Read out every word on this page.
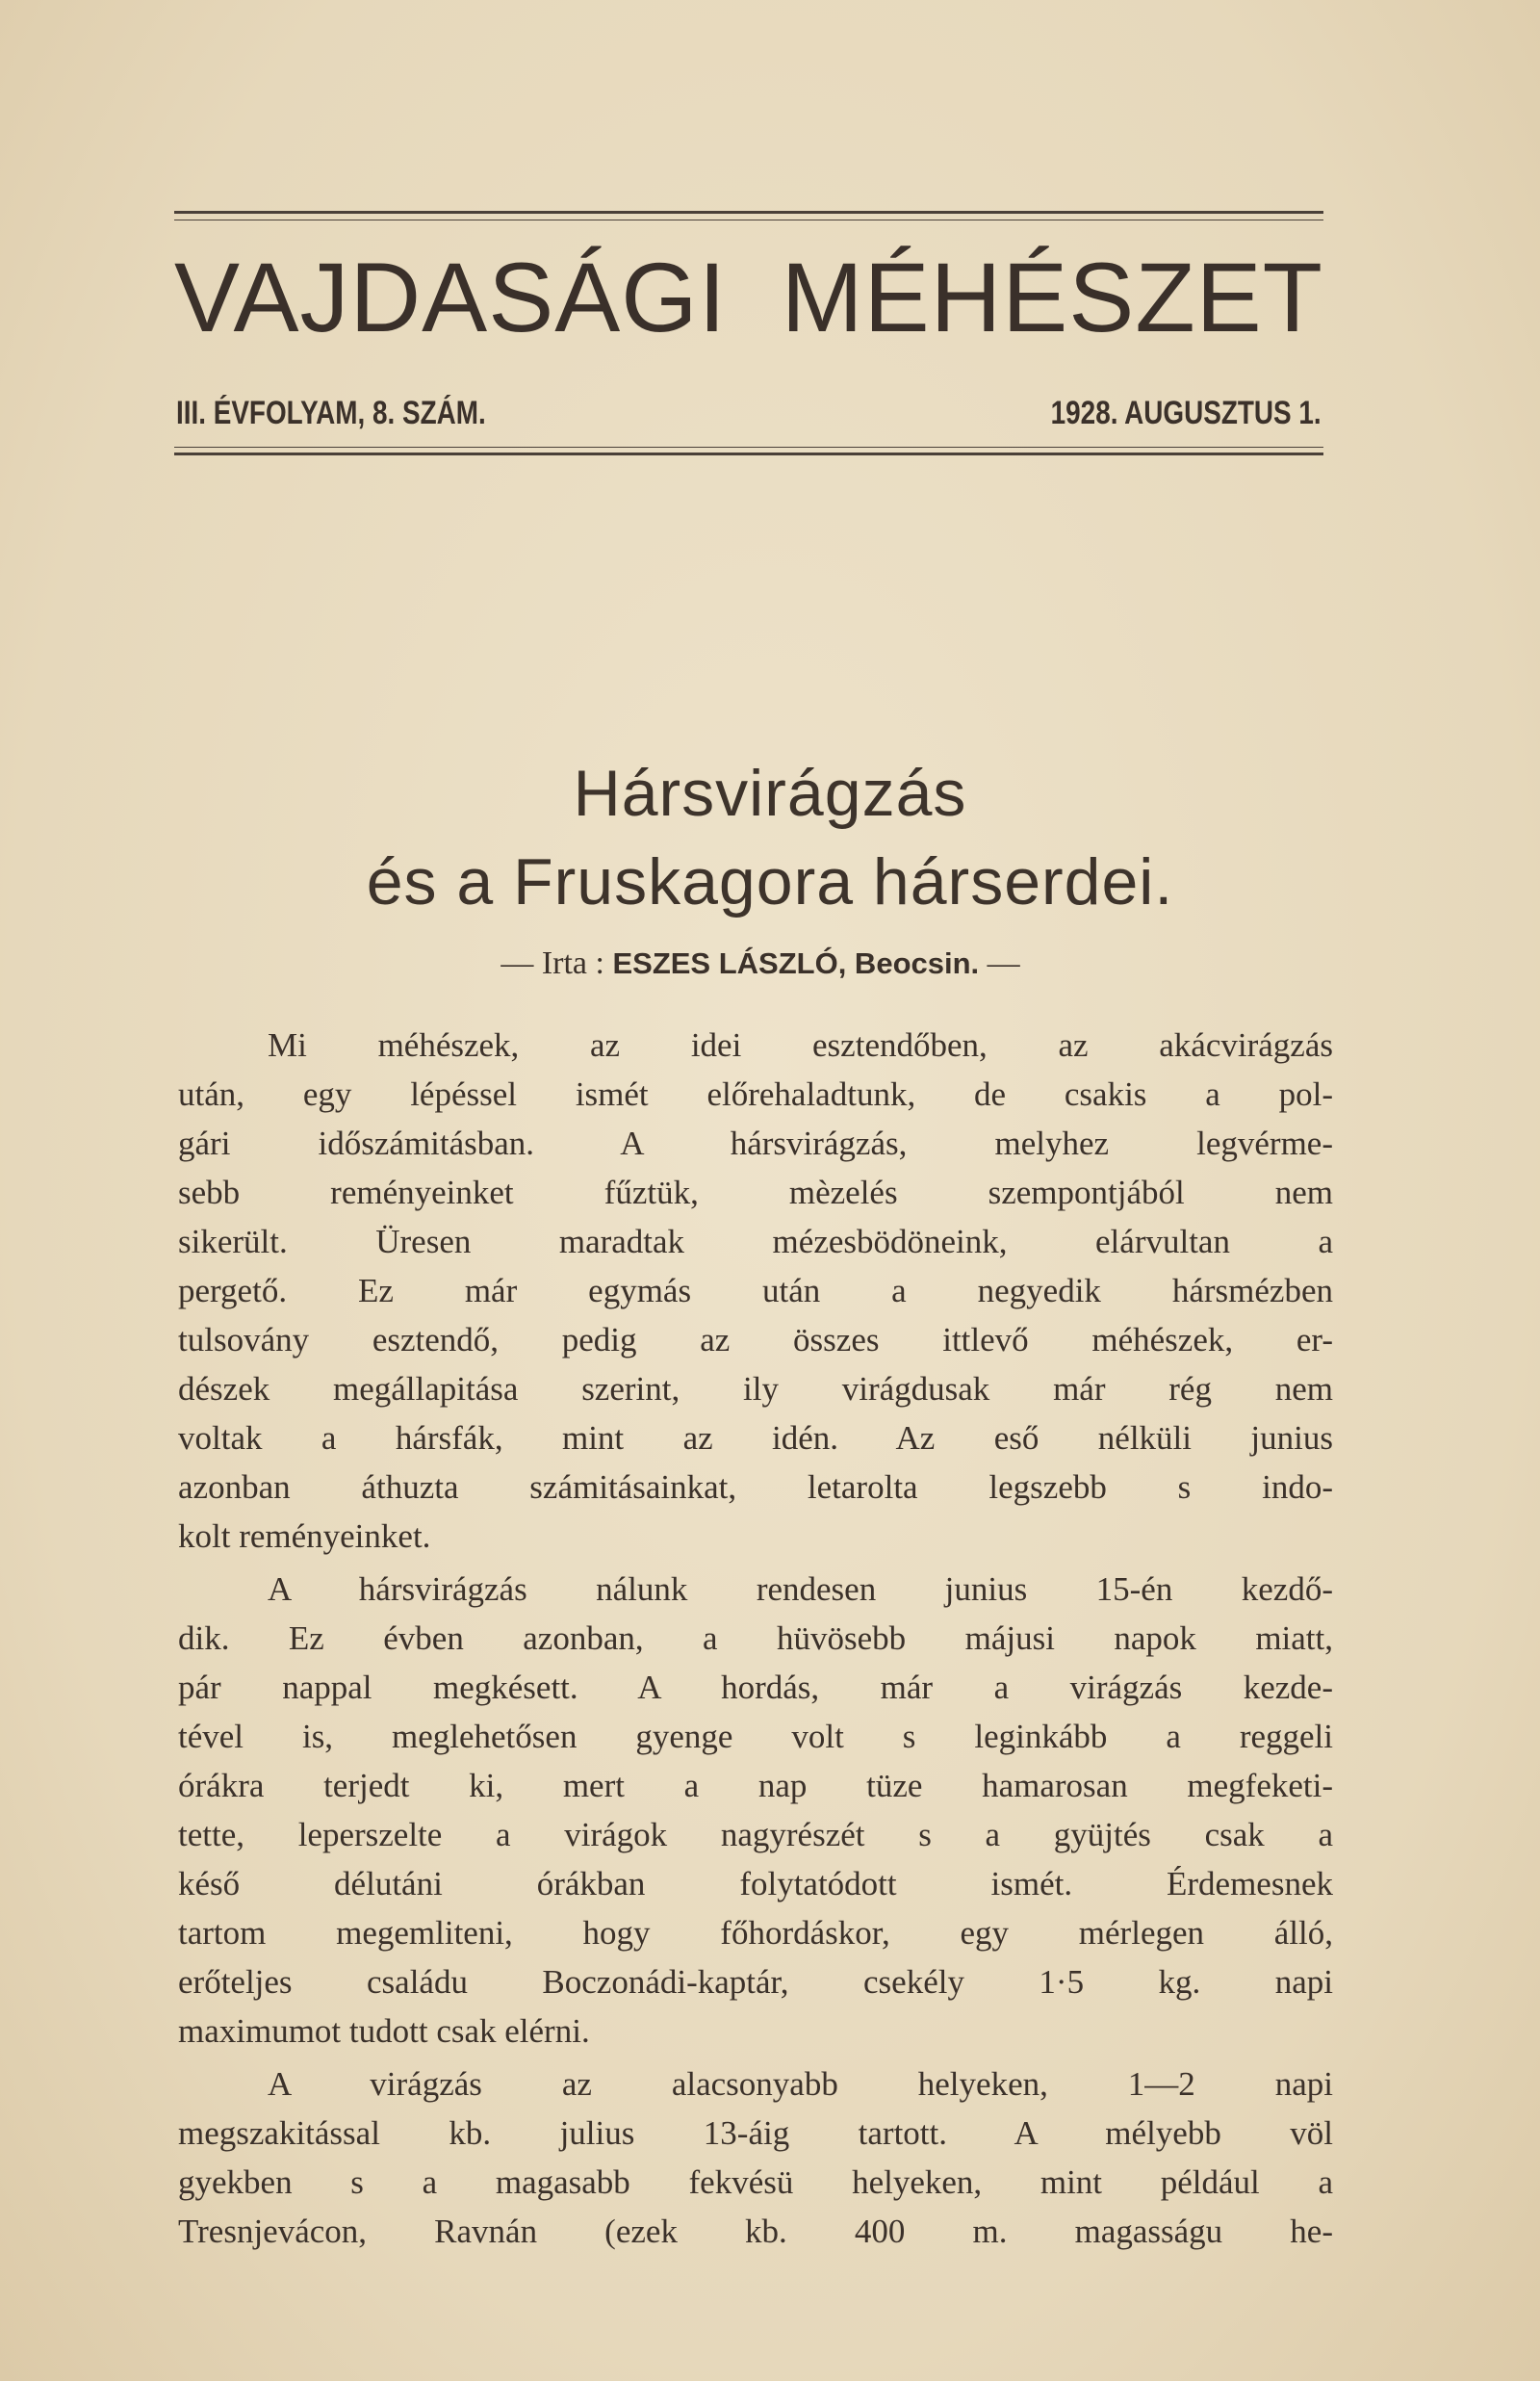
VAJDASÁGI MÉHÉSZET
III. ÉVFOLYAM, 8. SZÁM.	1928. AUGUSZTUS 1.
Hársvirágzás
és a Fruskagora hárserdei.
— Irta : ESZES LÁSZLÓ, Beocsin. —
Mi méhészek, az idei esztendőben, az akácvirágzás
után, egy lépéssel ismét előrehaladtunk, de csakis a pol-
gári időszámitásban. A hársvirágzás, melyhez legvérme-
sebb reményeinket fűztük, mèzelés szempontjából nem
sikerült. Üresen maradtak mézesbödöneink, elárvultan a
pergető. Ez már egymás után a negyedik hársmézben
tulsovány esztendő, pedig az összes ittlevő méhészek, er-
dészek megállapitása szerint, ily virágdusak már rég nem
voltak a hársfák, mint az idén. Az eső nélküli junius
azonban áthuzta számitásainkat, letarolta legszebb s indo-
kolt reményeinket.
A hársvirágzás nálunk rendesen junius 15-én kezdő-
dik. Ez évben azonban, a hüvösebb májusi napok miatt,
pár nappal megkésett. A hordás, már a virágzás kezde-
tével is, meglehetősen gyenge volt s leginkább a reggeli
órákra terjedt ki, mert a nap tüze hamarosan megfeketi-
tette, leperszelte a virágok nagyrészét s a gyüjtés csak a
késő délutáni órákban folytatódott ismét. Érdemesnek
tartom megemliteni, hogy főhordáskor, egy mérlegen álló,
erőteljes családu Boczonádi-kaptár, csekély 1·5 kg. napi
maximumot tudott csak elérni.
A virágzás az alacsonyabb helyeken, 1—2 napi
megszakitással kb. julius 13-áig tartott. A mélyebb völ
gyekben s a magasabb fekvésü helyeken, mint például a
Tresnjevácon, Ravnán (ezek kb. 400 m. magasságu he-
